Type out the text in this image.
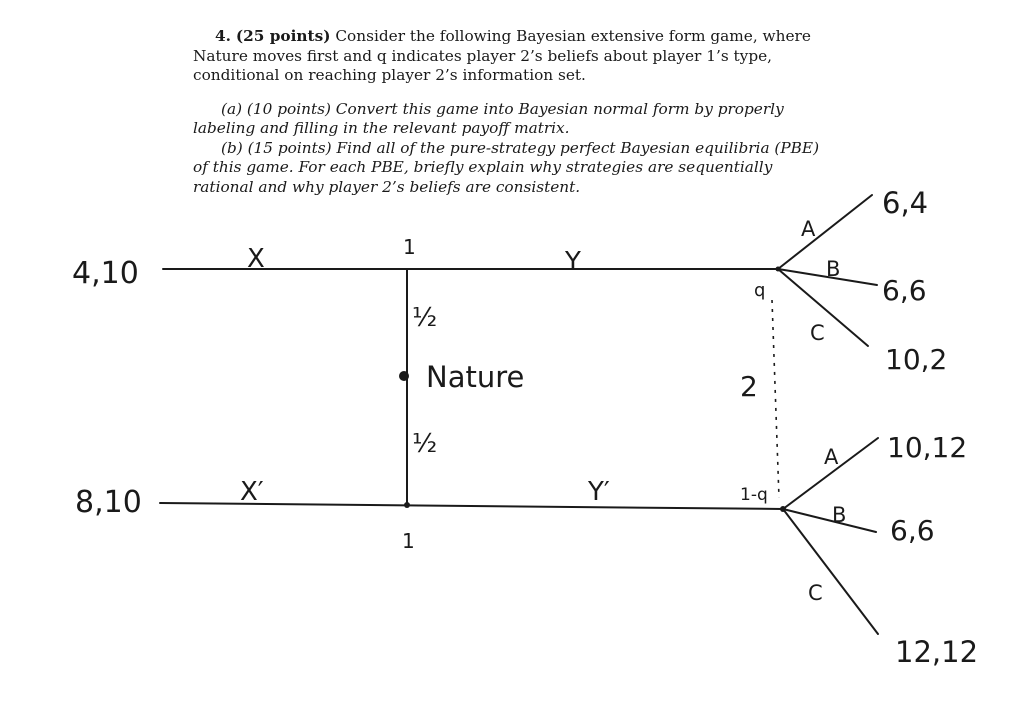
4. (25 points) Consider the following Bayesian extensive form game, where Nature moves first and q indicates player 2’s beliefs about player 1’s type, conditional on reaching player 2’s information set.

(a) (10 points) Convert this game into Bayesian normal form by properly labeling and filling in the relevant payoff matrix.

(b) (15 points) Find all of the pure-strategy perfect Bayesian equilibria (PBE) of this game. For each PBE, briefly explain why strategies are sequentially rational and why player 2’s beliefs are consistent.

4,10
8,10
X	Y
X′	Y′
1
1
½
½
Nature	2
q
1-q
A
B
C
A
B
C
6,4
6,6
10,2
10,12
6,6
12,12
